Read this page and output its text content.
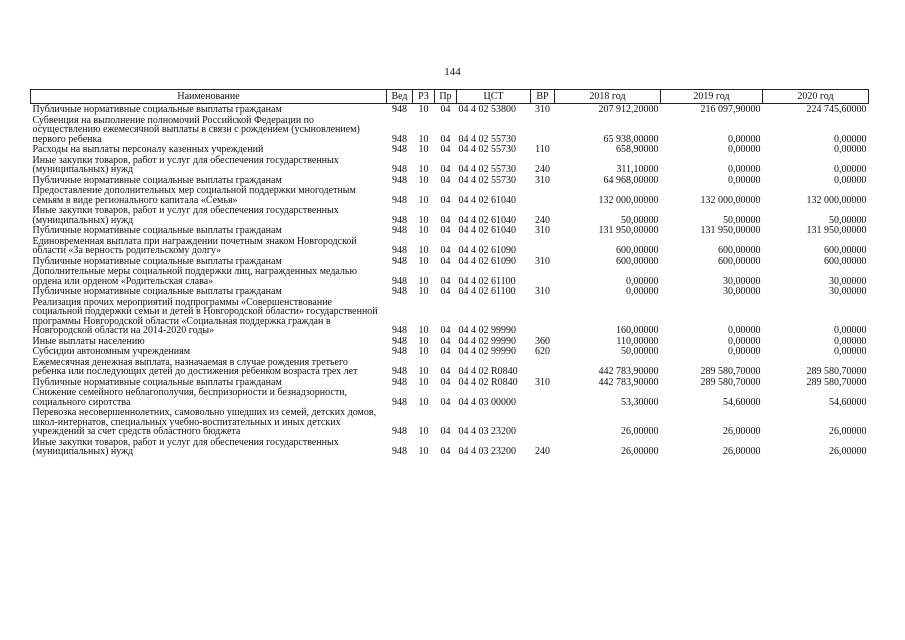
144
Наименование	Вед	РЗ	Пр	ЦСТ	ВР	2018 год	2019 год	2020 год
Публичные нормативные социальные выплаты гражданам	948	10	04	04 4 02 53800	310	207 912,20000	216 097,90000	224 745,60000
Субвенция на выполнение полномочий Российской Федерации по осуществлению ежемесячной выплаты в связи с рождением (усыновлением) первого ребенка	948	10	04	04 4 02 55730		65 938,00000	0,00000	0,00000
Расходы на выплаты персоналу казенных учреждений	948	10	04	04 4 02 55730	110	658,90000	0,00000	0,00000
Иные закупки товаров, работ и услуг для обеспечения государственных (муниципальных) нужд	948	10	04	04 4 02 55730	240	311,10000	0,00000	0,00000
Публичные нормативные социальные выплаты гражданам	948	10	04	04 4 02 55730	310	64 968,00000	0,00000	0,00000
Предоставление дополнительных мер социальной поддержки многодетным семьям в виде регионального капитала «Семья»	948	10	04	04 4 02 61040		132 000,00000	132 000,00000	132 000,00000
Иные закупки товаров, работ и услуг для обеспечения государственных (муниципальных) нужд	948	10	04	04 4 02 61040	240	50,00000	50,00000	50,00000
Публичные нормативные социальные выплаты гражданам	948	10	04	04 4 02 61040	310	131 950,00000	131 950,00000	131 950,00000
Единовременная выплата при награждении почетным знаком Новгородской области «За верность родительскому долгу»	948	10	04	04 4 02 61090		600,00000	600,00000	600,00000
Публичные нормативные социальные выплаты гражданам	948	10	04	04 4 02 61090	310	600,00000	600,00000	600,00000
Дополнительные меры социальной поддержки лиц, награжденных медалью ордена или орденом «Родительская слава»	948	10	04	04 4 02 61100		0,00000	30,00000	30,00000
Публичные нормативные социальные выплаты гражданам	948	10	04	04 4 02 61100	310	0,00000	30,00000	30,00000
Реализация прочих мероприятий подпрограммы «Совершенствование социальной поддержки семьи и детей в Новгородской области» государственной программы Новгородской области «Социальная поддержка граждан в Новгородской области на 2014-2020 годы»	948	10	04	04 4 02 99990		160,00000	0,00000	0,00000
Иные выплаты населению	948	10	04	04 4 02 99990	360	110,00000	0,00000	0,00000
Субсидии автономным учреждениям	948	10	04	04 4 02 99990	620	50,00000	0,00000	0,00000
Ежемесячная денежная выплата, назначаемая в случае рождения третьего ребенка или последующих детей до достижения ребенком возраста трех лет	948	10	04	04 4 02 R0840		442 783,90000	289 580,70000	289 580,70000
Публичные нормативные социальные выплаты гражданам	948	10	04	04 4 02 R0840	310	442 783,90000	289 580,70000	289 580,70000
Снижение семейного неблагополучия, беспризорности и безнадзорности, социального сиротства	948	10	04	04 4 03 00000		53,30000	54,60000	54,60000
Перевозка несовершеннолетних, самовольно ушедших из семей, детских домов, школ-интернатов, специальных учебно-воспитательных и иных детских учреждений за счет средств областного бюджета	948	10	04	04 4 03 23200		26,00000	26,00000	26,00000
Иные закупки товаров, работ и услуг для обеспечения государственных (муниципальных) нужд	948	10	04	04 4 03 23200	240	26,00000	26,00000	26,00000
